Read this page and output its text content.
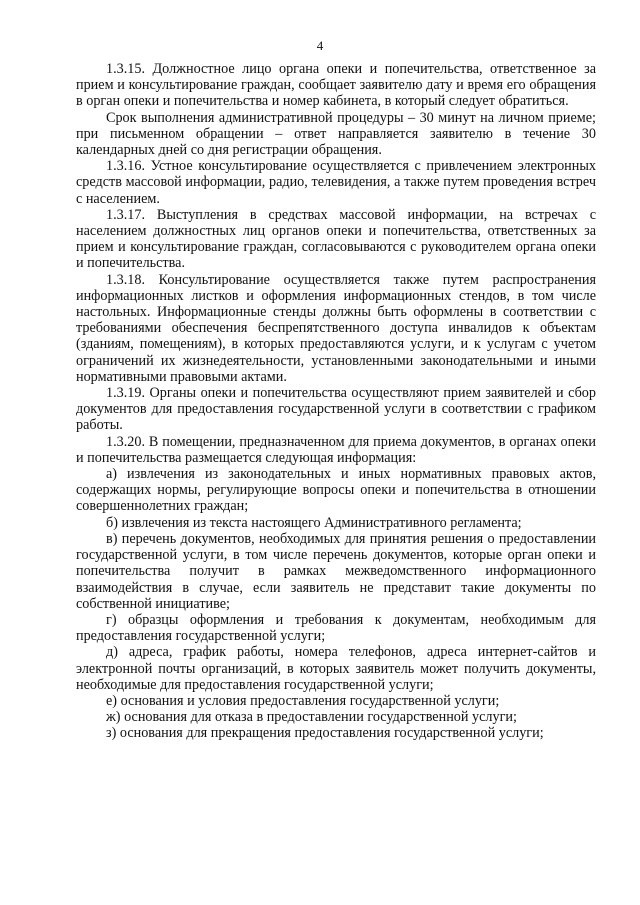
4

1.3.15. Должностное лицо органа опеки и попечительства, ответственное за прием и консультирование граждан, сообщает заявителю дату и время его обращения в орган опеки и попечительства и номер кабинета, в который следует обратиться.

Срок выполнения административной процедуры – 30 минут на личном приеме; при письменном обращении – ответ направляется заявителю в течение 30 календарных дней со дня регистрации обращения.

1.3.16. Устное консультирование осуществляется с привлечением электронных средств массовой информации, радио, телевидения, а также путем проведения встреч с населением.

1.3.17. Выступления в средствах массовой информации, на встречах с населением должностных лиц органов опеки и попечительства, ответственных за прием и консультирование граждан, согласовываются с руководителем органа опеки и попечительства.

1.3.18. Консультирование осуществляется также путем распространения информационных листков и оформления информационных стендов, в том числе настольных. Информационные стенды должны быть оформлены в соответствии с требованиями обеспечения беспрепятственного доступа инвалидов к объектам (зданиям, помещениям), в которых предоставляются услуги, и к услугам с учетом ограничений их жизнедеятельности, установленными законодательными и иными нормативными правовыми актами.

1.3.19. Органы опеки и попечительства осуществляют прием заявителей и сбор документов для предоставления государственной услуги в соответствии с графиком работы.

1.3.20. В помещении, предназначенном для приема документов, в органах опеки и попечительства размещается следующая информация:

а) извлечения из законодательных и иных нормативных правовых актов, содержащих нормы, регулирующие вопросы опеки и попечительства в отношении совершеннолетних граждан;

б) извлечения из текста настоящего Административного регламента;

в) перечень документов, необходимых для принятия решения о предоставлении государственной услуги, в том числе перечень документов, которые орган опеки и попечительства получит в рамках межведомственного информационного взаимодействия в случае, если заявитель не представит такие документы по собственной инициативе;

г) образцы оформления и требования к документам, необходимым для предоставления государственной услуги;

д) адреса, график работы, номера телефонов, адреса интернет-сайтов и электронной почты организаций, в которых заявитель может получить документы, необходимые для предоставления государственной услуги;

е) основания и условия предоставления государственной услуги;

ж) основания для отказа в предоставлении государственной услуги;

з) основания для прекращения предоставления государственной услуги;
